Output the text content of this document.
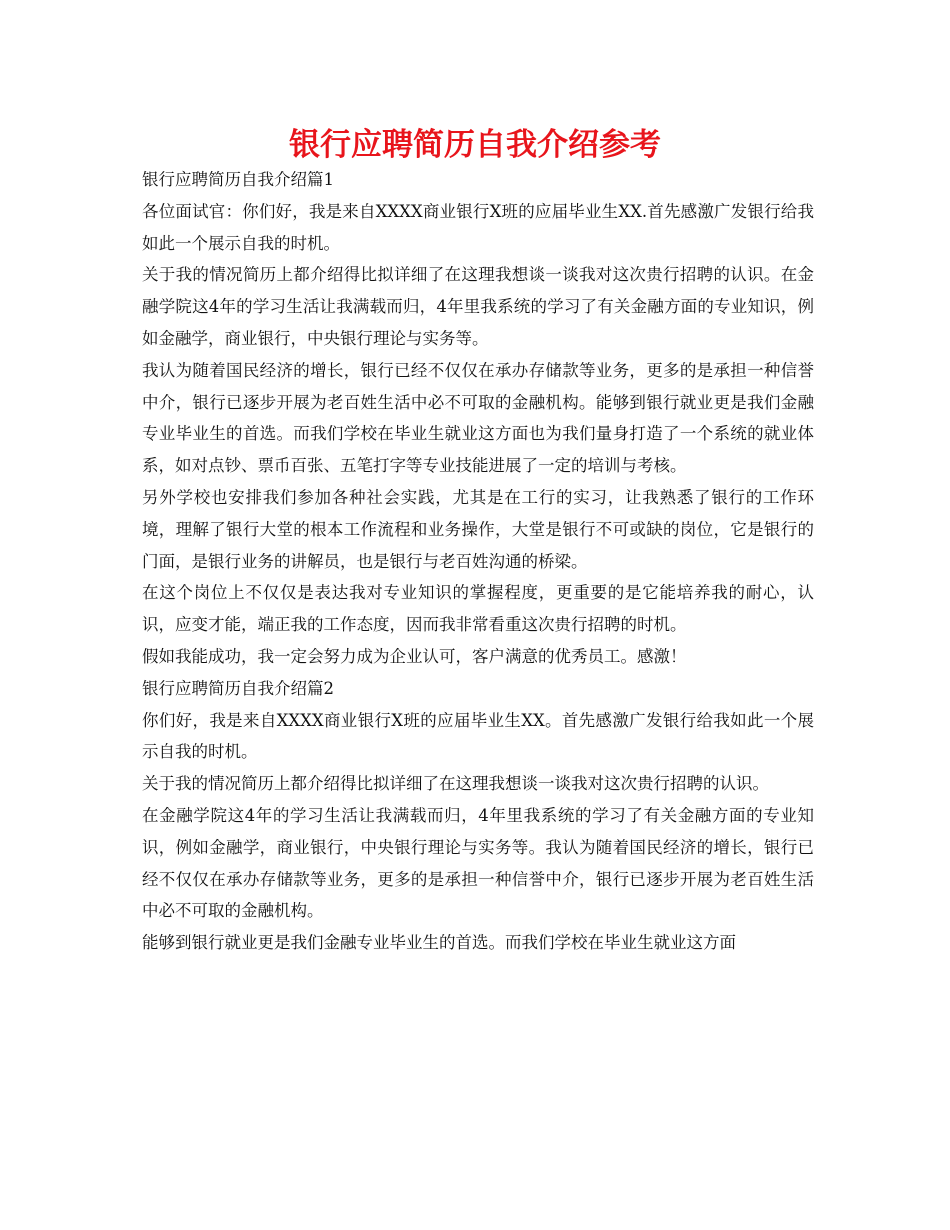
银行应聘简历自我介绍参考

银行应聘简历自我介绍篇1

各位面试官：你们好，我是来自XXXX商业银行X班的应届毕业生XX.首先感激广发银行给我如此一个展示自我的时机。

关于我的情况简历上都介绍得比拟详细了在这理我想谈一谈我对这次贵行招聘的认识。在金融学院这4年的学习生活让我满载而归，4年里我系统的学习了有关金融方面的专业知识，例如金融学，商业银行，中央银行理论与实务等。

我认为随着国民经济的增长，银行已经不仅仅在承办存储款等业务，更多的是承担一种信誉中介，银行已逐步开展为老百姓生活中必不可取的金融机构。能够到银行就业更是我们金融专业毕业生的首选。而我们学校在毕业生就业这方面也为我们量身打造了一个系统的就业体系，如对点钞、票币百张、五笔打字等专业技能进展了一定的培训与考核。

另外学校也安排我们参加各种社会实践，尤其是在工行的实习，让我熟悉了银行的工作环境，理解了银行大堂的根本工作流程和业务操作，大堂是银行不可或缺的岗位，它是银行的门面，是银行业务的讲解员，也是银行与老百姓沟通的桥梁。

在这个岗位上不仅仅是表达我对专业知识的掌握程度，更重要的是它能培养我的耐心，认识，应变才能，端正我的工作态度，因而我非常看重这次贵行招聘的时机。

假如我能成功，我一定会努力成为企业认可，客户满意的优秀员工。感激！

银行应聘简历自我介绍篇2

你们好，我是来自XXXX商业银行X班的应届毕业生XX。首先感激广发银行给我如此一个展示自我的时机。

关于我的情况简历上都介绍得比拟详细了在这理我想谈一谈我对这次贵行招聘的认识。

在金融学院这4年的学习生活让我满载而归，4年里我系统的学习了有关金融方面的专业知识，例如金融学，商业银行，中央银行理论与实务等。我认为随着国民经济的增长，银行已经不仅仅在承办存储款等业务，更多的是承担一种信誉中介，银行已逐步开展为老百姓生活中必不可取的金融机构。

能够到银行就业更是我们金融专业毕业生的首选。而我们学校在毕业生就业这方面
